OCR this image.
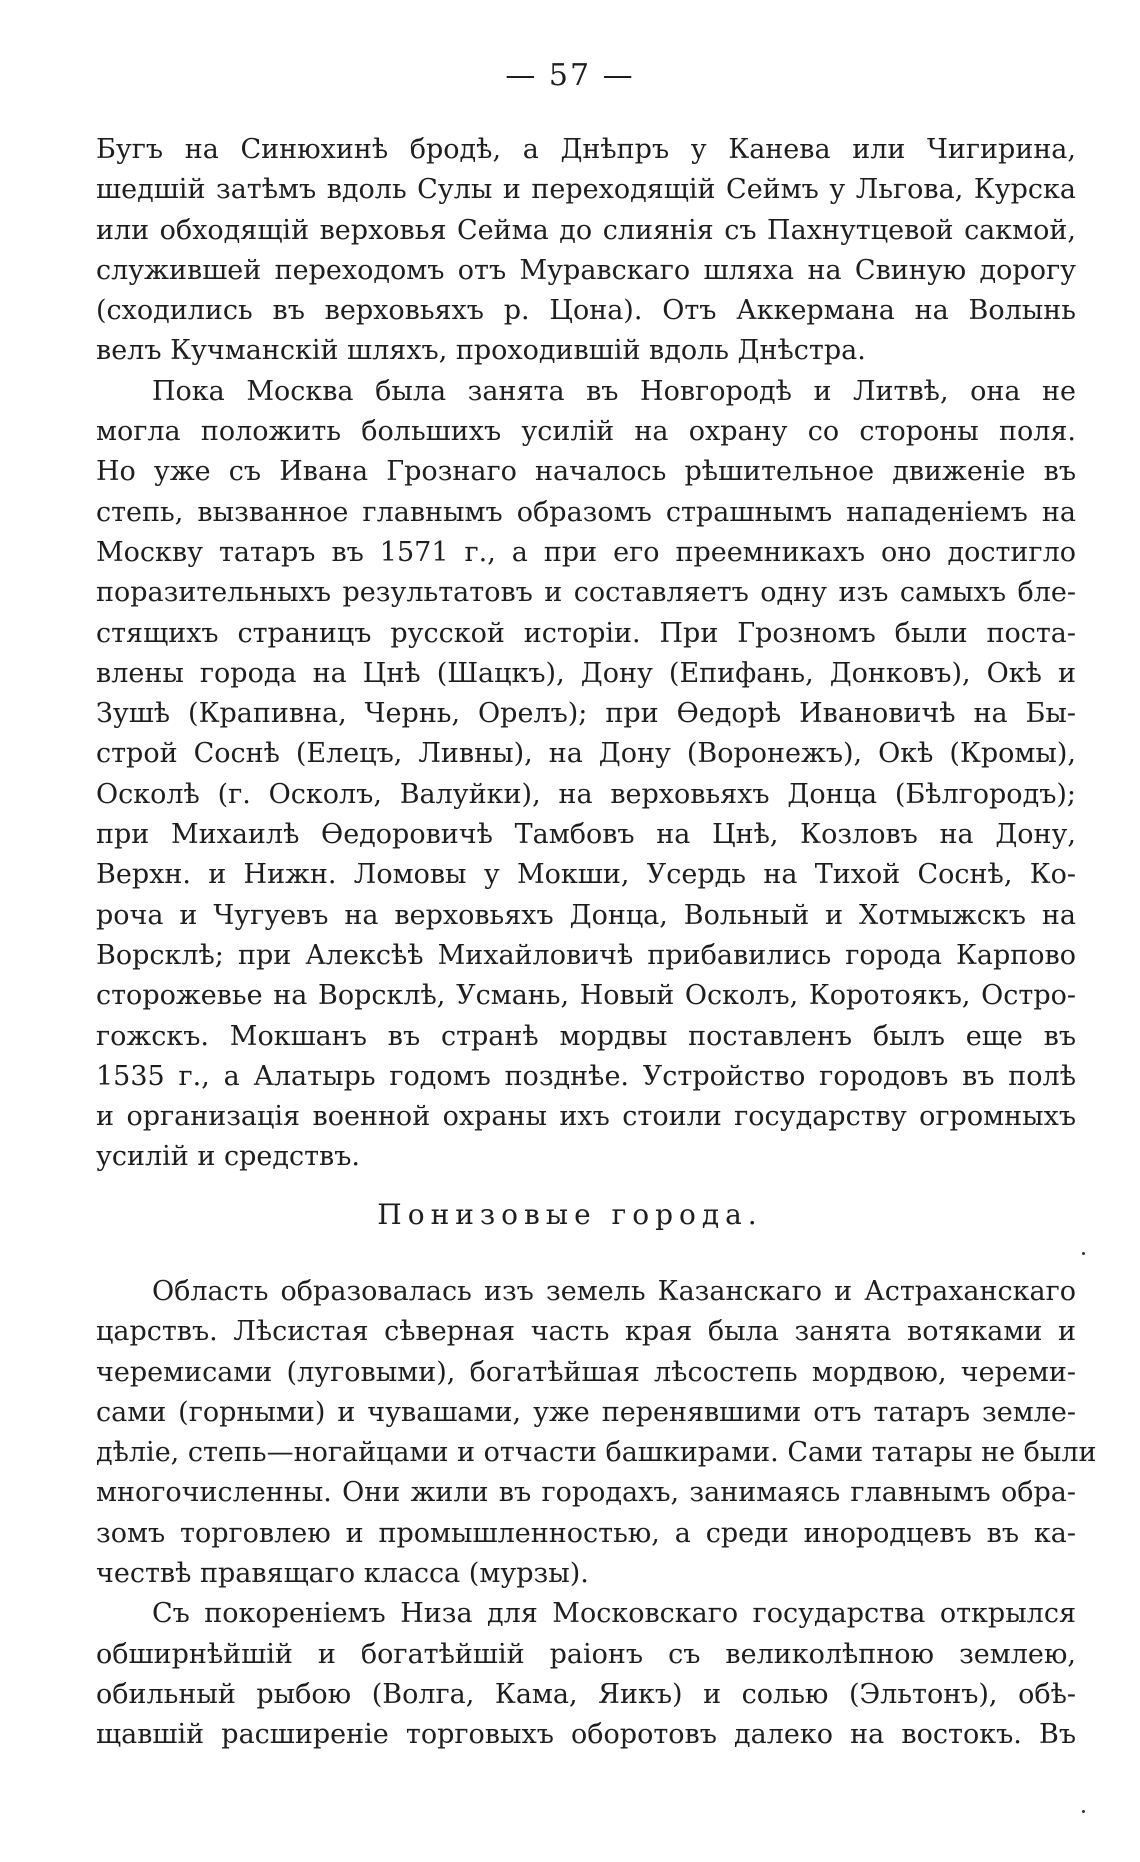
— 57 —
Бугъ на Синюхинѣ бродѣ, а Днѣпръ у Канева или Чигирина,
шедшій затѣмъ вдоль Сулы и переходящій Сеймъ у Льгова, Курска
или обходящій верховья Сейма до слиянія съ Пахнутцевой сакмой,
служившей переходомъ отъ Муравскаго шляха на Свиную дорогу
(сходились въ верховьяхъ р. Цона). Отъ Аккермана на Волынь
велъ Кучманскій шляхъ, проходившій вдоль Днѣстра.
Пока Москва была занята въ Новгородѣ и Литвѣ, она не
могла положить большихъ усилій на охрану со стороны поля.
Но уже съ Ивана Грознаго началось рѣшительное движеніе въ
степь, вызванное главнымъ образомъ страшнымъ нападеніемъ на
Москву татаръ въ 1571 г., а при его преемникахъ оно достигло
поразительныхъ результатовъ и составляетъ одну изъ самыхъ бле-
стящихъ страницъ русской исторіи. При Грозномъ были поста-
влены города на Цнѣ (Шацкъ), Дону (Епифань, Донковъ), Окѣ и
Зушѣ (Крапивна, Чернь, Орелъ); при Ѳедорѣ Ивановичѣ на Бы-
строй Соснѣ (Елецъ, Ливны), на Дону (Воронежъ), Окѣ (Кромы),
Осколѣ (г. Осколъ, Валуйки), на верховьяхъ Донца (Бѣлгородъ);
при Михаилѣ Ѳедоровичѣ Тамбовъ на Цнѣ, Козловъ на Дону,
Верхн. и Нижн. Ломовы у Мокши, Усердь на Тихой Соснѣ, Ко-
роча и Чугуевъ на верховьяхъ Донца, Вольный и Хотмыжскъ на
Ворсклѣ; при Алексѣѣ Михайловичѣ прибавились города Карпово
сторожевье на Ворсклѣ, Усмань, Новый Осколъ, Коротоякъ, Остро-
гожскъ. Мокшанъ въ странѣ мордвы поставленъ былъ еще въ
1535 г., а Алатырь годомъ позднѣе. Устройство городовъ въ полѣ
и организація военной охраны ихъ стоили государству огромныхъ
усилій и средствъ.
Понизовые города.
Область образовалась изъ земель Казанскаго и Астраханскаго
царствъ. Лѣсистая сѣверная часть края была занята вотяками и
черемисами (луговыми), богатѣйшая лѣсостепь мордвою, череми-
сами (горными) и чувашами, уже перенявшими отъ татаръ земле-
дѣліе, степь—ногайцами и отчасти башкирами. Сами татары не были
многочисленны. Они жили въ городахъ, занимаясь главнымъ обра-
зомъ торговлею и промышленностью, а среди инородцевъ въ ка-
чествѣ правящаго класса (мурзы).
Съ покореніемъ Низа для Московскаго государства открылся
обширнѣйшій и богатѣйшій раіонъ съ великолѣпною землею,
обильный рыбою (Волга, Кама, Яикъ) и солью (Эльтонъ), обѣ-
щавшій расширеніе торговыхъ оборотовъ далеко на востокъ. Въ
